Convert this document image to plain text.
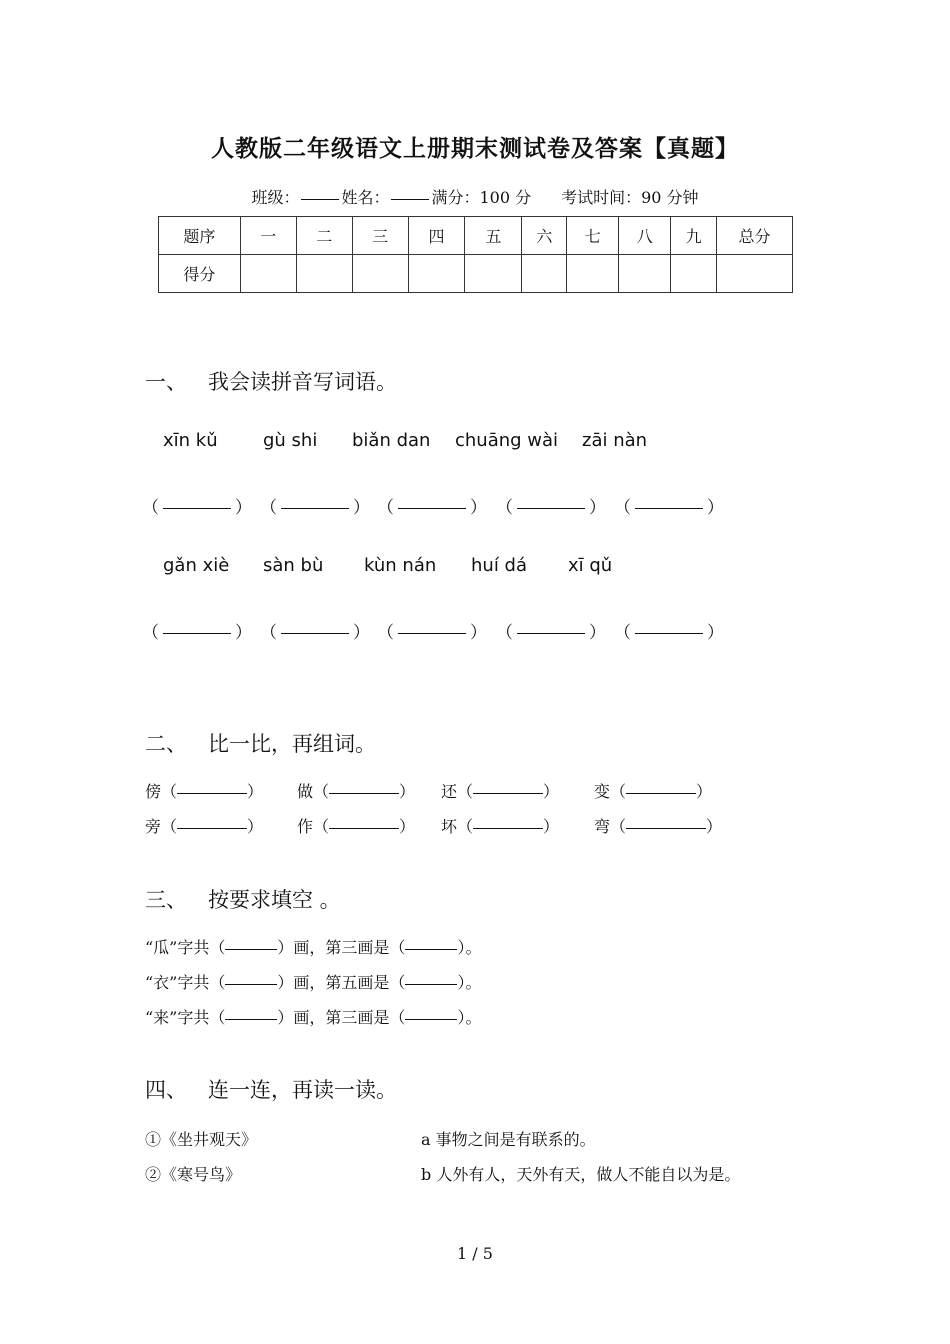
人教版二年级语文上册期末测试卷及答案【真题】
班级：	姓名：	满分：100 分 考试时间：90 分钟
题序	一	二	三	四	五	六	七	八	九	总分
得分										
一、 我会读拼音写词语。
xīn kǔ	gù shi biǎn dan chuāng wài zāi nàn
（	） （	） （	） （	） （	）
gǎn xiè sàn bù kùn nán huí dá xī qǔ
（	） （	） （	） （	） （	）
二、 比一比，再组词。
傍（	） 做（	） 还（	） 变（	）
旁（	） 作（	） 坏（	） 弯（	）
三、 按要求填空 。
“瓜”字共（	）画，第三画是（	）。
“衣”字共（	）画，第五画是（	）。
“来”字共（	）画，第三画是（	）。
四、 连一连，再读一读。
①《坐井观天》	a 事物之间是有联系的。
②《寒号鸟》	b 人外有人，天外有天，做人不能自以为是。
1 / 5
